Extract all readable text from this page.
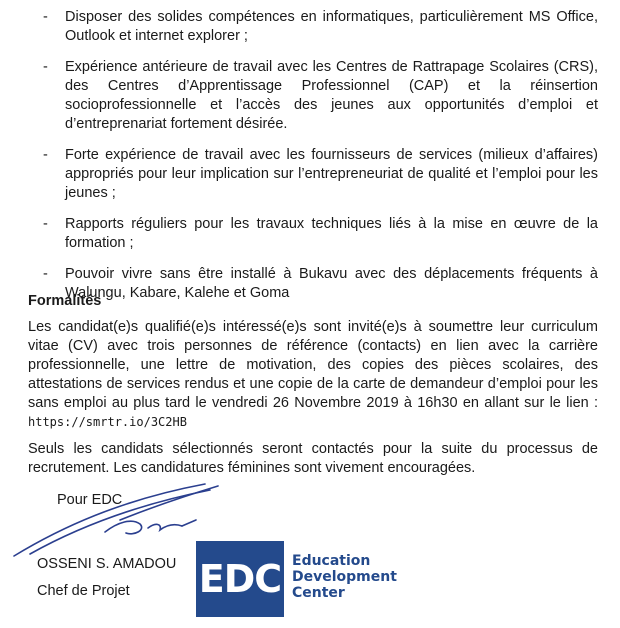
- Disposer des solides compétences en informatiques, particulièrement MS Office, Outlook et internet explorer ;
- Expérience antérieure de travail avec les Centres de Rattrapage Scolaires (CRS), des Centres d’Apprentissage Professionnel (CAP) et la réinsertion socioprofessionnelle et l’accès des jeunes aux opportunités d’emploi et d’entreprenariat fortement désirée.
- Forte expérience de travail avec les fournisseurs de services (milieux d’affaires) appropriés pour leur implication sur l’entrepreneuriat de qualité et l’emploi pour les jeunes ;
- Rapports réguliers pour les travaux techniques liés à la mise en œuvre de la formation ;
- Pouvoir vivre sans être installé à Bukavu avec des déplacements fréquents à Walungu, Kabare, Kalehe et Goma
Formalités

Les candidat(e)s qualifié(e)s intéressé(e)s sont invité(e)s à soumettre leur curriculum vitae (CV) avec trois personnes de référence (contacts) en lien avec la carrière professionnelle, une lettre de motivation, des copies des pièces scolaires, des attestations de services rendus et une copie de la carte de demandeur d’emploi pour les sans emploi au plus tard le vendredi 26 Novembre 2019 à 16h30 en allant sur le lien : https://smrtr.io/3C2HB

Seuls les candidats sélectionnés seront contactés pour la suite du processus de recrutement. Les candidatures féminines sont vivement encouragées.

Pour EDC
OSSENI S. AMADOU
Chef de Projet EDC Education
Development
Center
